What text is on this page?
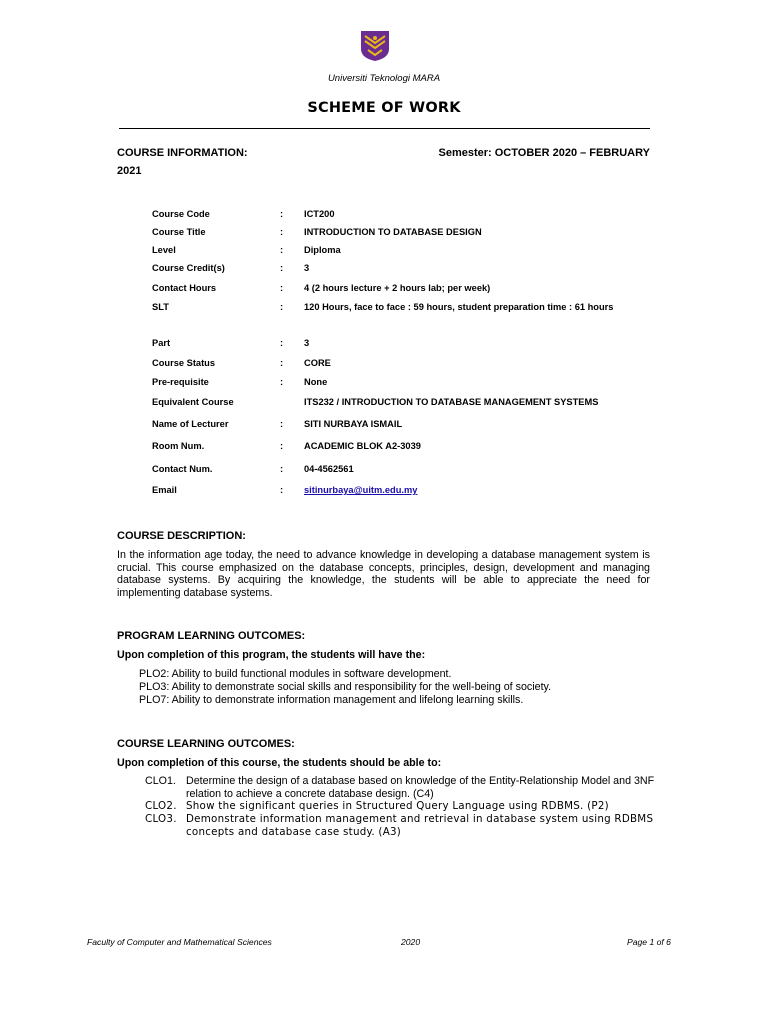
Universiti Teknologi MARA
SCHEME OF WORK
COURSE INFORMATION:	Semester: OCTOBER 2020 – FEBRUARY
2021
Course Code	: ICT200
Course Title	: INTRODUCTION TO DATABASE DESIGN
Level	: Diploma
Course Credit(s)	: 3
Contact Hours	: 4 (2 hours lecture + 2 hours lab; per week)
SLT	: 120 Hours, face to face : 59 hours, student preparation time : 61 hours
Part	: 3
Course Status	: CORE
Pre-requisite	: None
Equivalent Course	ITS232 / INTRODUCTION TO DATABASE MANAGEMENT SYSTEMS
Name of Lecturer	: SITI NURBAYA ISMAIL
Room Num.	: ACADEMIC BLOK A2-3039
Contact Num.	: 04-4562561
Email	: sitinurbaya@uitm.edu.my
COURSE DESCRIPTION:
In the information age today, the need to advance knowledge in developing a database management system is crucial. This course emphasized on the database concepts, principles, design, development and managing database systems. By acquiring the knowledge, the students will be able to appreciate the need for implementing database systems.
PROGRAM LEARNING OUTCOMES:
Upon completion of this program, the students will have the:
PLO2: Ability to build functional modules in software development.
PLO3: Ability to demonstrate social skills and responsibility for the well-being of society.
PLO7: Ability to demonstrate information management and lifelong learning skills.
COURSE LEARNING OUTCOMES:
Upon completion of this course, the students should be able to:
CLO1. Determine the design of a database based on knowledge of the Entity-Relationship Model and 3NF relation to achieve a concrete database design. (C4)
CLO2. Show the significant queries in Structured Query Language using RDBMS. (P2)
CLO3. Demonstrate information management and retrieval in database system using RDBMS concepts and database case study. (A3)
Faculty of Computer and Mathematical Sciences	2020	Page 1 of 6
